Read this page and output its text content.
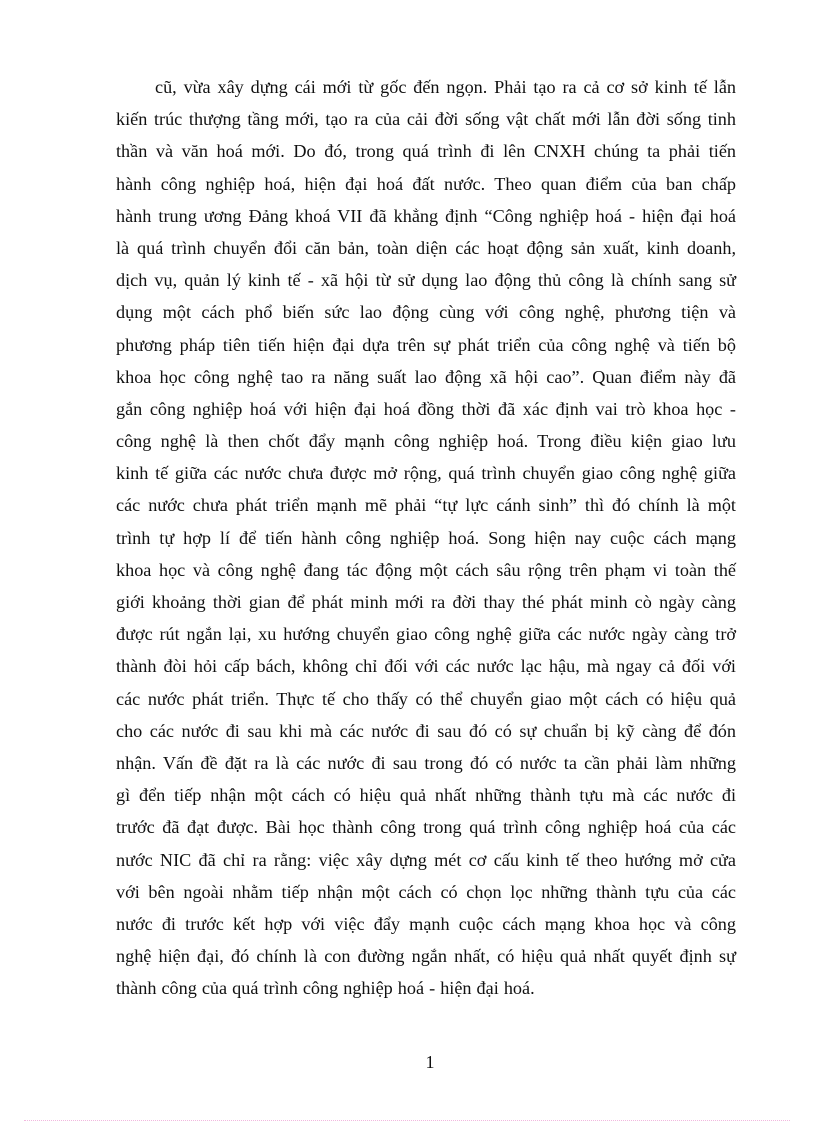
cũ, vừa xây dựng cái mới từ gốc đến ngọn. Phải tạo ra cả cơ sở kinh tế lẫn
kiến trúc thượng tầng mới, tạo ra của cải đời sống vật chất mới lẫn đời sống tinh
thần và văn hoá mới. Do đó, trong quá trình đi lên CNXH chúng ta phải tiến
hành công nghiệp hoá, hiện đại hoá đất nước. Theo quan điểm của ban chấp
hành trung ương Đảng khoá VII đã khẳng định “Công nghiệp hoá - hiện đại hoá
là quá trình chuyển đổi căn bản, toàn diện các hoạt động sản xuất, kinh doanh,
dịch vụ, quản lý kinh tế - xã hội từ sử dụng lao động thủ công là chính sang sử
dụng một cách phổ biến sức lao động cùng với công nghệ, phương tiện và
phương pháp tiên tiến hiện đại dựa trên sự phát triển của công nghệ và tiến bộ
khoa học công nghệ tao ra năng suất lao động xã hội cao”. Quan điểm này đã
gắn công nghiệp hoá với hiện đại hoá đồng thời đã xác định vai trò khoa học -
công nghệ là then chốt đẩy mạnh công nghiệp hoá. Trong điều kiện giao lưu
kinh tế giữa các nước chưa được mở rộng, quá trình chuyển giao công nghệ giữa
các nước chưa phát triển mạnh mẽ phải “tự lực cánh sinh” thì đó chính là một
trình tự hợp lí để tiến hành công nghiệp hoá. Song hiện nay cuộc cách mạng
khoa học và công nghệ đang tác động một cách sâu rộng trên phạm vi toàn thế
giới khoảng thời gian để phát minh mới ra đời thay thé phát minh cò ngày càng
được rút ngắn lại, xu hướng chuyển giao công nghệ giữa các nước ngày càng trở
thành đòi hỏi cấp bách, không chỉ đối với các nước lạc hậu, mà ngay cả đối với
các nước phát triển. Thực tế cho thấy có thể chuyển giao một cách có hiệu quả
cho các nước đi sau khi mà các nước đi sau đó có sự chuẩn bị kỹ càng để đón
nhận. Vấn đề đặt ra là các nước đi sau trong đó có nước ta cần phải làm những
gì đển tiếp nhận một cách có hiệu quả nhất những thành tựu mà các nước đi
trước đã đạt được. Bài học thành công trong quá trình công nghiệp hoá của các
nước NIC đã chỉ ra rằng: việc xây dựng mét cơ cấu kinh tế theo hướng mở cửa
với bên ngoài nhằm tiếp nhận một cách có chọn lọc những thành tựu của các
nước đi trước kết hợp với việc đẩy mạnh cuộc cách mạng khoa học và công
nghệ hiện đại, đó chính là con đường ngắn nhất, có hiệu quả nhất quyết định sự
thành công của quá trình công nghiệp hoá - hiện đại hoá.
1
